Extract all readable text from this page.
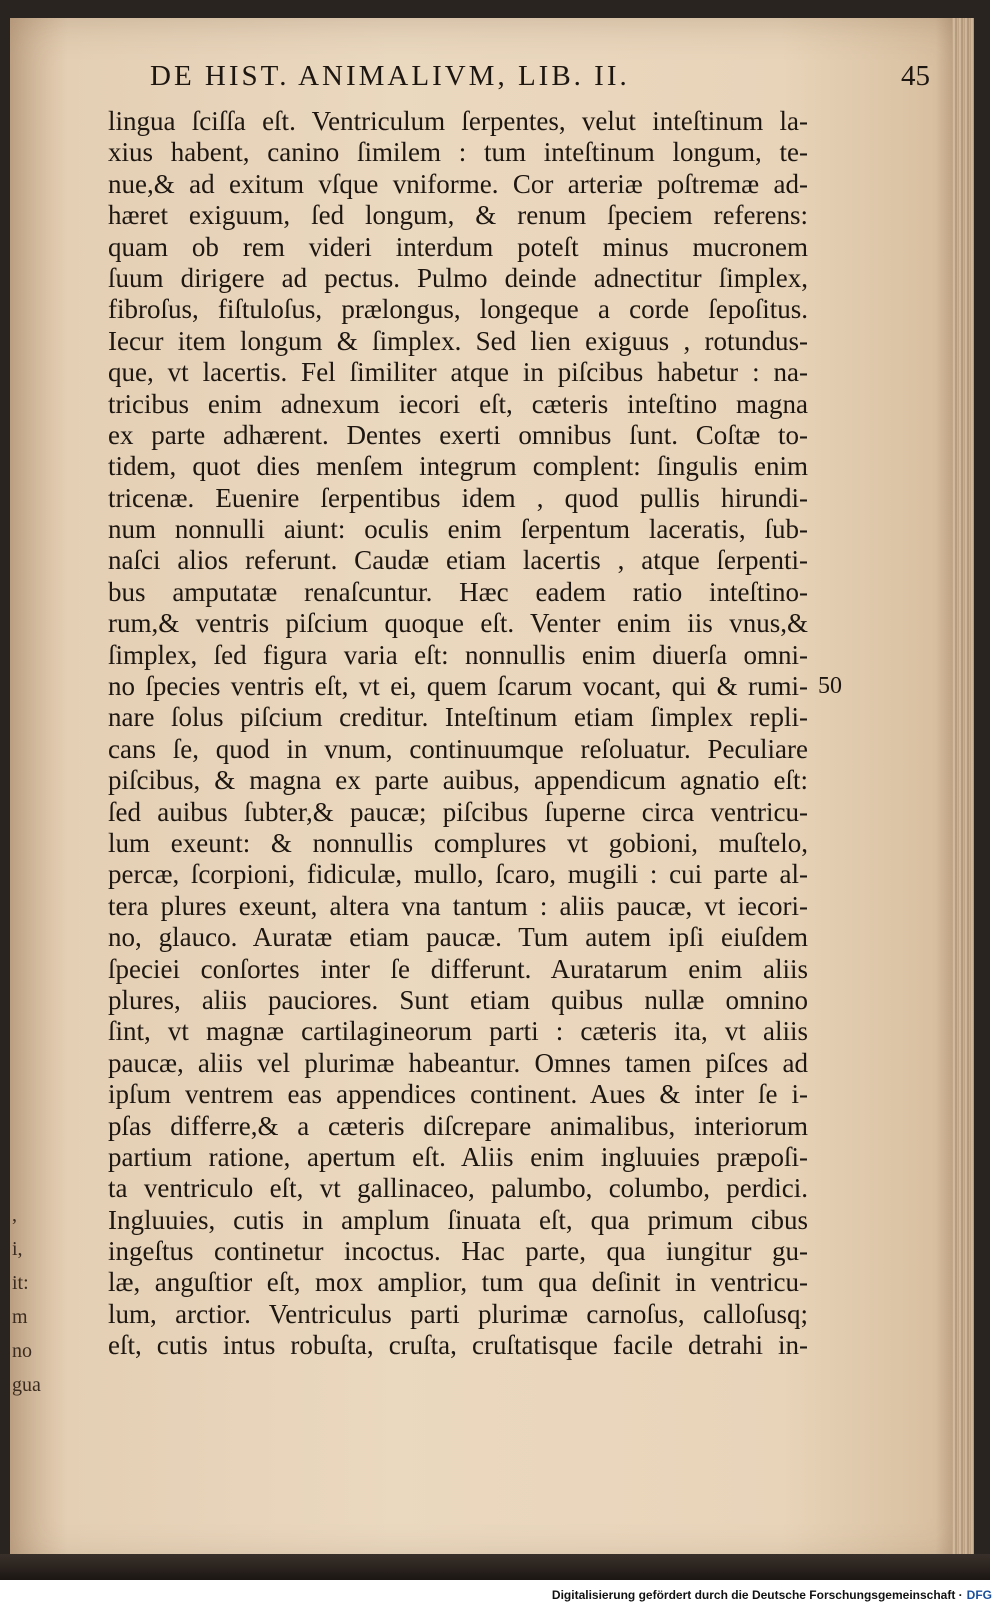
,
i,
it:
m
no
gua
DE HIST. ANIMALIVM, LIB. II.	45
lingua ſciſſa eſt. Ventriculum ſerpentes, velut inteſtinum la-
xius habent, canino ſimilem : tum inteſtinum longum, te-
nue,& ad exitum vſque vniforme. Cor arteriæ poſtremæ ad-
hæret exiguum, ſed longum, & renum ſpeciem referens:
quam ob rem videri interdum poteſt minus mucronem
ſuum dirigere ad pectus. Pulmo deinde adnectitur ſimplex,
fibroſus, fiſtuloſus, prælongus, longeque a corde ſepoſitus.
Iecur item longum & ſimplex. Sed lien exiguus , rotundus-
que, vt lacertis. Fel ſimiliter atque in piſcibus habetur : na-
tricibus enim adnexum iecori eſt, cæteris inteſtino magna
ex parte adhærent. Dentes exerti omnibus ſunt. Coſtæ to-
tidem, quot dies menſem integrum complent: ſingulis enim
tricenæ. Euenire ſerpentibus idem , quod pullis hirundi-
num nonnulli aiunt: oculis enim ſerpentum laceratis, ſub-
naſci alios referunt. Caudæ etiam lacertis , atque ſerpenti-
bus amputatæ renaſcuntur. Hæc eadem ratio inteſtino-
rum,& ventris piſcium quoque eſt. Venter enim iis vnus,&
ſimplex, ſed figura varia eſt: nonnullis enim diuerſa omni-
no ſpecies ventris eſt, vt ei, quem ſcarum vocant, qui & rumi-
nare ſolus piſcium creditur. Inteſtinum etiam ſimplex repli-
cans ſe, quod in vnum, continuumque reſoluatur. Peculiare
piſcibus, & magna ex parte auibus, appendicum agnatio eſt:
ſed auibus ſubter,& paucæ; piſcibus ſuperne circa ventricu-
lum exeunt: & nonnullis complures vt gobioni, muſtelo,
percæ, ſcorpioni, fidiculæ, mullo, ſcaro, mugili : cui parte al-
tera plures exeunt, altera vna tantum : aliis paucæ, vt iecori-
no, glauco. Auratæ etiam paucæ. Tum autem ipſi eiuſdem
ſpeciei conſortes inter ſe differunt. Auratarum enim aliis
plures, aliis pauciores. Sunt etiam quibus nullæ omnino
ſint, vt magnæ cartilagineorum parti : cæteris ita, vt aliis
paucæ, aliis vel plurimæ habeantur. Omnes tamen piſces ad
ipſum ventrem eas appendices continent. Aues & inter ſe i-
pſas differre,& a cæteris diſcrepare animalibus, interiorum
partium ratione, apertum eſt. Aliis enim ingluuies præpoſi-
ta ventriculo eſt, vt gallinaceo, palumbo, columbo, perdici.
Ingluuies, cutis in amplum ſinuata eſt, qua primum cibus
ingeſtus continetur incoctus. Hac parte, qua iungitur gu-
læ, anguſtior eſt, mox amplior, tum qua deſinit in ventricu-
lum, arctior. Ventriculus parti plurimæ carnoſus, calloſusq;
eſt, cutis intus robuſta, cruſta, cruſtatisque facile detrahi in-
50
Digitalisierung gefördert durch die Deutsche Forschungsgemeinschaft · DFG
